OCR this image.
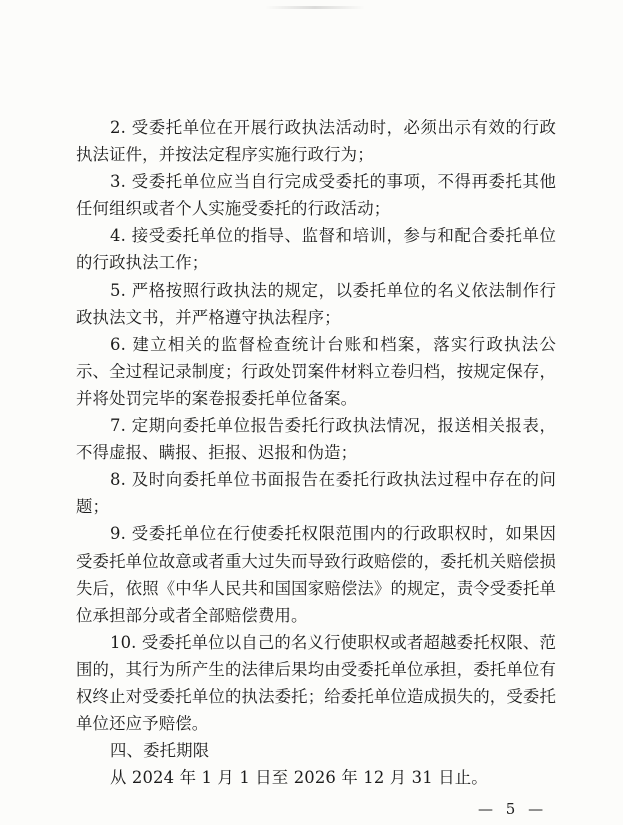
2. 受委托单位在开展行政执法活动时，必须出示有效的行政执法证件，并按法定程序实施行政行为；

3. 受委托单位应当自行完成受委托的事项，不得再委托其他任何组织或者个人实施受委托的行政活动；

4. 接受委托单位的指导、监督和培训，参与和配合委托单位的行政执法工作；

5. 严格按照行政执法的规定，以委托单位的名义依法制作行政执法文书，并严格遵守执法程序；

6. 建立相关的监督检查统计台账和档案，落实行政执法公示、全过程记录制度；行政处罚案件材料立卷归档，按规定保存，并将处罚完毕的案卷报委托单位备案。

7. 定期向委托单位报告委托行政执法情况，报送相关报表，不得虚报、瞒报、拒报、迟报和伪造；

8. 及时向委托单位书面报告在委托行政执法过程中存在的问题；

9. 受委托单位在行使委托权限范围内的行政职权时，如果因受委托单位故意或者重大过失而导致行政赔偿的，委托机关赔偿损失后，依照《中华人民共和国国家赔偿法》的规定，责令受委托单位承担部分或者全部赔偿费用。

10. 受委托单位以自己的名义行使职权或者超越委托权限、范围的，其行为所产生的法律后果均由受委托单位承担，委托单位有权终止对受委托单位的执法委托；给委托单位造成损失的，受委托单位还应予赔偿。

四、委托期限

从 2024 年 1 月 1 日至 2026 年 12 月 31 日止。

— 5 —
